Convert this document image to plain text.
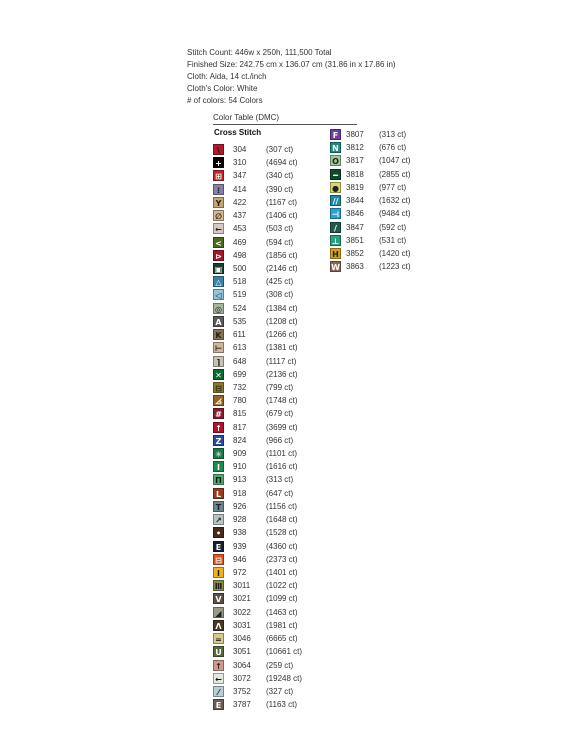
Stitch Count: 446w x 250h, 111,500 Total
Finished Size: 242.75 cm x 136.07 cm (31.86 in x 17.86 in)
Cloth: Aida, 14 ct./inch
Cloth's Color: White
# of colors: 54 Colors
Color Table (DMC)
Cross Stitch
\	304 (307 ct)
+ 310 (4694 ct)
⊞ 347 (340 ct)
⁝	414 (390 ct)
Y	422 (1167 ct)
∅ 437 (1406 ct)
← 453 (503 ct)
< 469 (594 ct)
⊳ 498 (1856 ct)
▣ 500 (2146 ct)
△	518 (425 ct)
◁	519 (308 ct)
◎ 524 (1384 ct)
A	535 (1208 ct)
K	611	(1266 ct)
⊢ 613 (1381 ct)
⌉	648 (1117 ct)
✕ 699 (2136 ct)
⊟ 732 (799 ct)
⦞	780 (1748 ct)
# 815 (679 ct)
↑ 817 (3699 ct)
Z	824 (966 ct)
✳ 909 (1101 ct)
I	910 (1616 ct)
Π 913 (313 ct)
L	918 (647 ct)
T	926 (1156 ct)
↗ 928 (1648 ct)
•	938 (1528 ct)
E	939 (4360 ct)
⊟ 946 (2373 ct)
I	972 (1401 ct)
Ⅲ 3011 (1022 ct)
V	3021 (1099 ct)
◢	3022 (1463 ct)
Λ	3031 (1981 ct)
= 3046 (6665 ct)
U 3051 (10661 ct)
↑ 3064 (259 ct)
← 3072 (19248 ct)
⁄	3752 (327 ct)
E	3787 (1163 ct)
F 3807 (313 ct)
N 3812 (676 ct)
O 3817 (1047 ct)
━	3818 (2855 ct)
● 3819 (977 ct)
// 3844 (1632 ct)
⊣ 3846 (9484 ct)
/	3847 (592 ct)
⊥ 3851 (531 ct)
H 3852 (1420 ct)
W 3863 (1223 ct)
